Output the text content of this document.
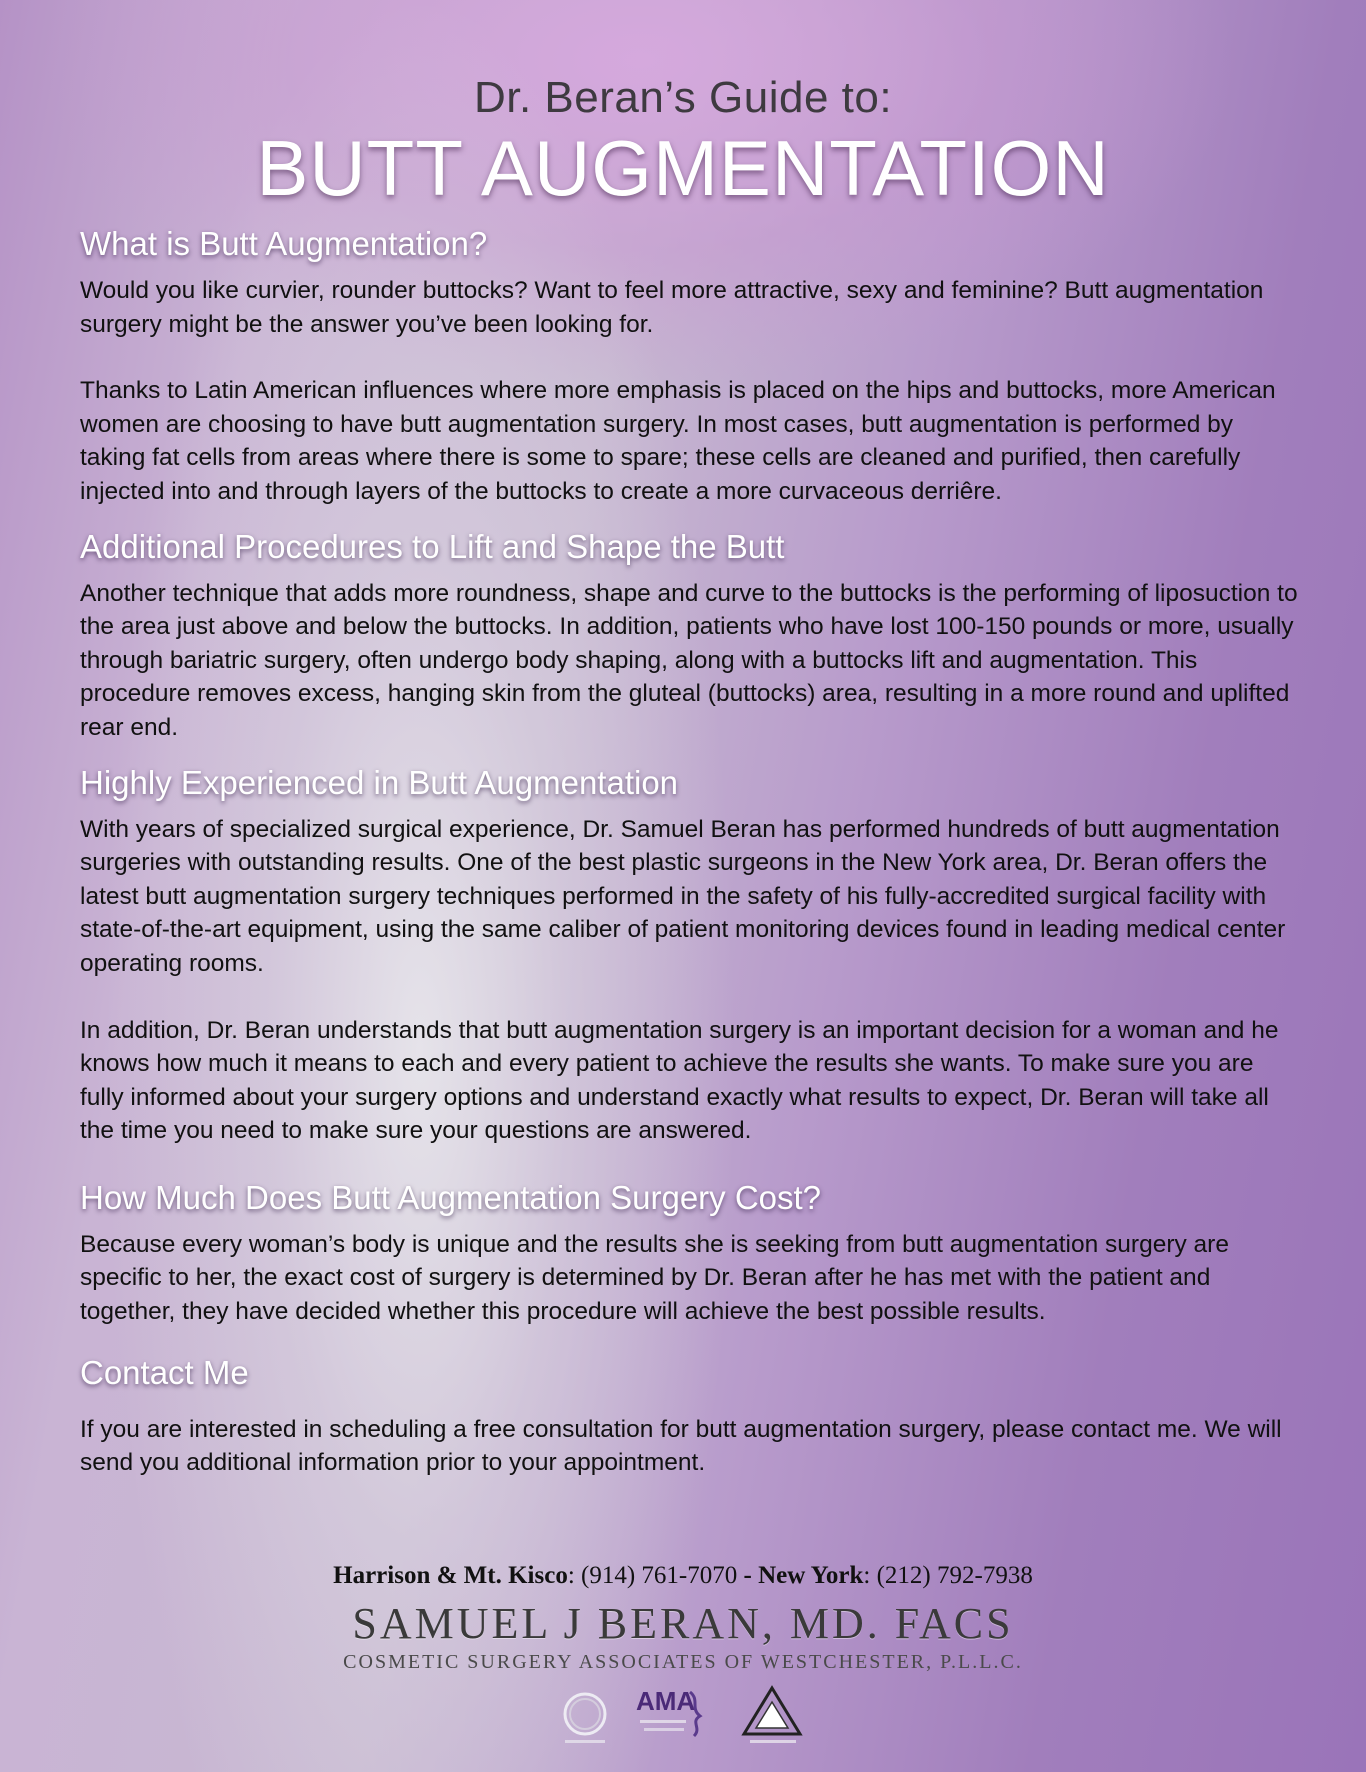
Dr. Beran’s Guide to:
BUTT AUGMENTATION
What is Butt Augmentation?

Would you like curvier, rounder buttocks? Want to feel more attractive, sexy and feminine? Butt augmentation surgery might be the answer you’ve been looking for.

Thanks to Latin American influences where more emphasis is placed on the hips and buttocks, more American women are choosing to have butt augmentation surgery. In most cases, butt augmentation is performed by taking fat cells from areas where there is some to spare; these cells are cleaned and purified, then carefully injected into and through layers of the buttocks to create a more curvaceous derriêre.

Additional Procedures to Lift and Shape the Butt

Another technique that adds more roundness, shape and curve to the buttocks is the performing of liposuction to the area just above and below the buttocks. In addition, patients who have lost 100-150 pounds or more, usually through bariatric surgery, often undergo body shaping, along with a buttocks lift and augmentation. This procedure removes excess, hanging skin from the gluteal (buttocks) area, resulting in a more round and uplifted rear end.

Highly Experienced in Butt Augmentation

With years of specialized surgical experience, Dr. Samuel Beran has performed hundreds of butt augmentation surgeries with outstanding results. One of the best plastic surgeons in the New York area, Dr. Beran offers the latest butt augmentation surgery techniques performed in the safety of his fully-accredited surgical facility with state-of-the-art equipment, using the same caliber of patient monitoring devices found in leading medical center operating rooms.

In addition, Dr. Beran understands that butt augmentation surgery is an important decision for a woman and he knows how much it means to each and every patient to achieve the results she wants. To make sure you are fully informed about your surgery options and understand exactly what results to expect, Dr. Beran will take all the time you need to make sure your questions are answered.

How Much Does Butt Augmentation Surgery Cost?

Because every woman’s body is unique and the results she is seeking from butt augmentation surgery are specific to her, the exact cost of surgery is determined by Dr. Beran after he has met with the patient and together, they have decided whether this procedure will achieve the best possible results.

Contact Me

If you are interested in scheduling a free consultation for butt augmentation surgery, please contact me. We will send you additional information prior to your appointment.

Harrison & Mt. Kisco: (914) 761-7070 - New York: (212) 792-7938
SAMUEL J BERAN, MD. FACS
COSMETIC SURGERY ASSOCIATES OF WESTCHESTER, P.L.L.C.
AMA
